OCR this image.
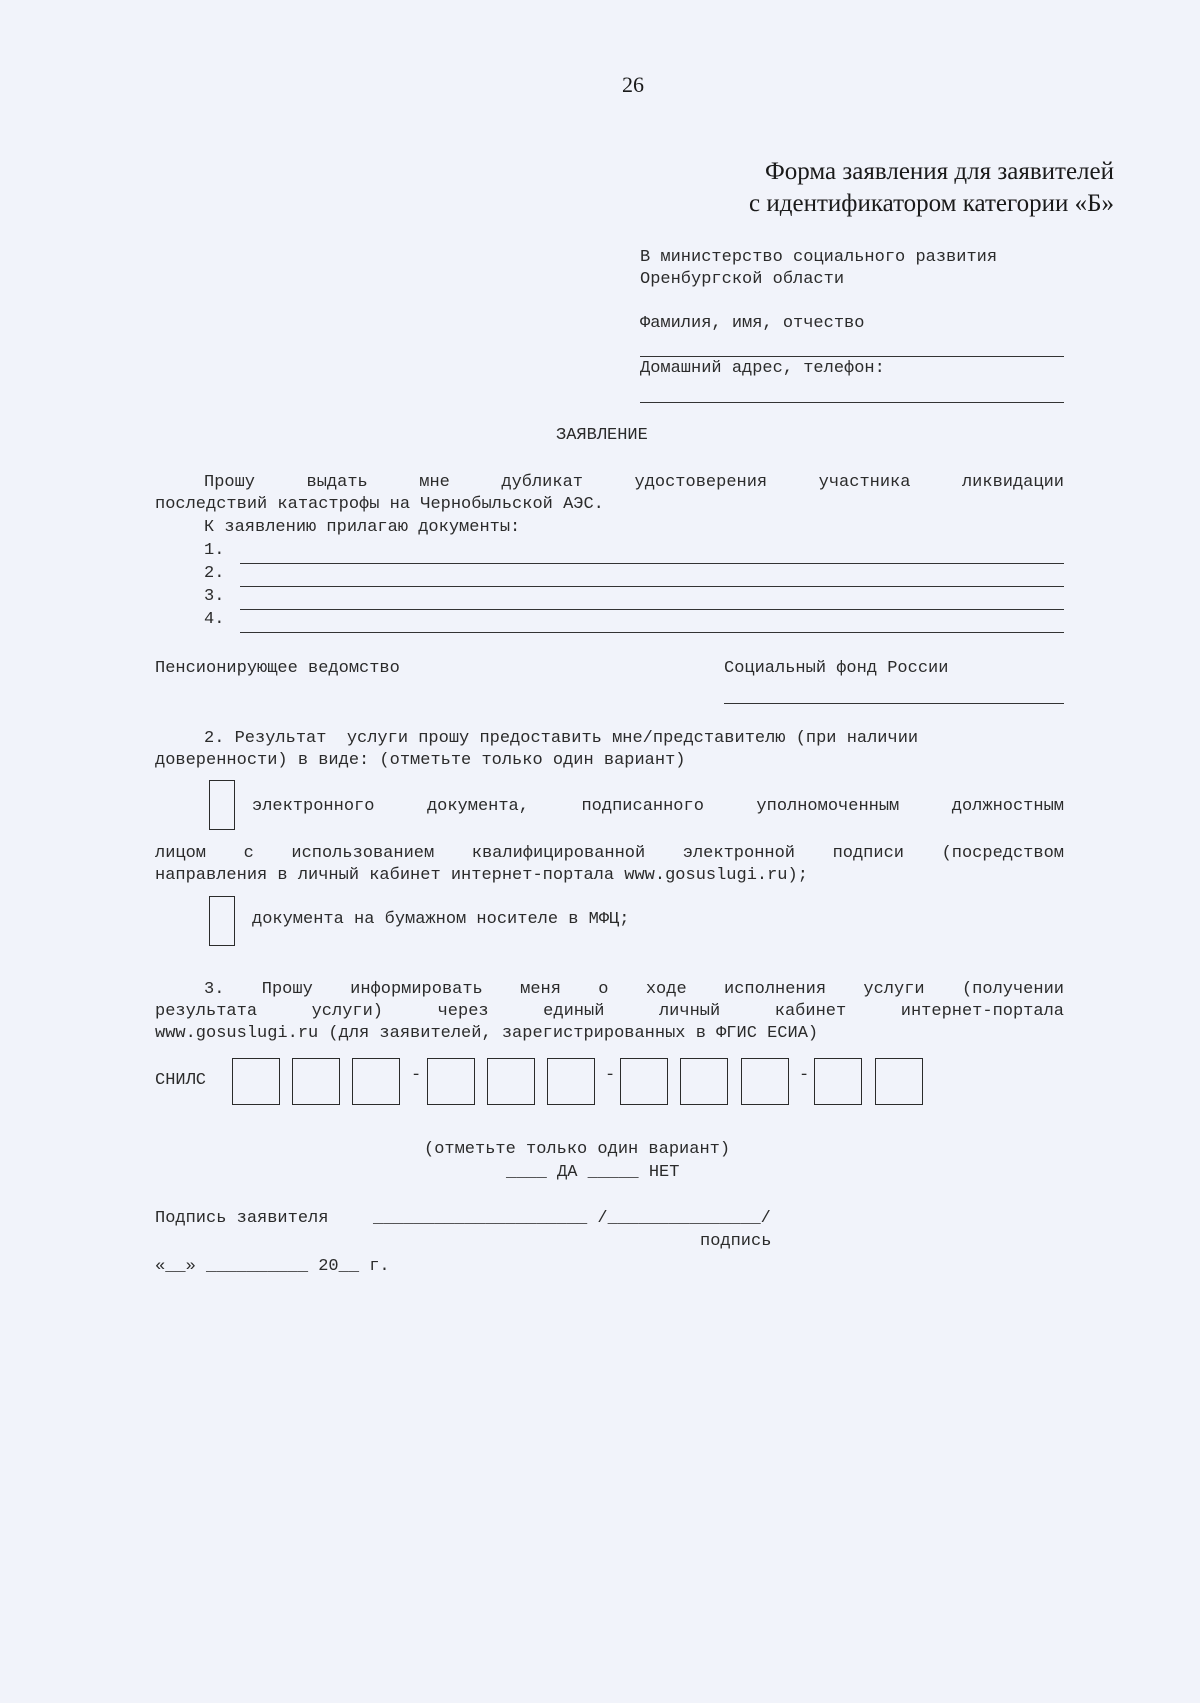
26
Форма заявления для заявителей
с идентификатором категории «Б»
В министерство социального развития
Оренбургской области
Фамилия, имя, отчество
Домашний адрес, телефон:
ЗАЯВЛЕНИЕ
Прошу выдать мне дубликат удостоверения участника ликвидации
последствий катастрофы на Чернобыльской АЭС.
К заявлению прилагаю документы:
1.
2.
3.
4.
Пенсионирующее ведомство	Социальный фонд России
2. Результат  услуги прошу предоставить мне/представителю (при наличии
доверенности) в виде: (отметьте только один вариант)
электронного документа, подписанного уполномоченным должностным
лицом с использованием квалифицированной электронной подписи (посредством
направления в личный кабинет интернет-портала www.gosuslugi.ru);
документа на бумажном носителе в МФЦ;
3. Прошу информировать меня о ходе исполнения услуги (получении
результата услуги) через единый личный кабинет интернет-портала
www.gosuslugi.ru (для заявителей, зарегистрированных в ФГИС ЕСИА)
СНИЛС	-	-	-
(отметьте только один вариант)
____ ДА _____ НЕТ
Подпись заявителя	_____________________ /_______________/
подпись
«__» __________ 20__ г.
